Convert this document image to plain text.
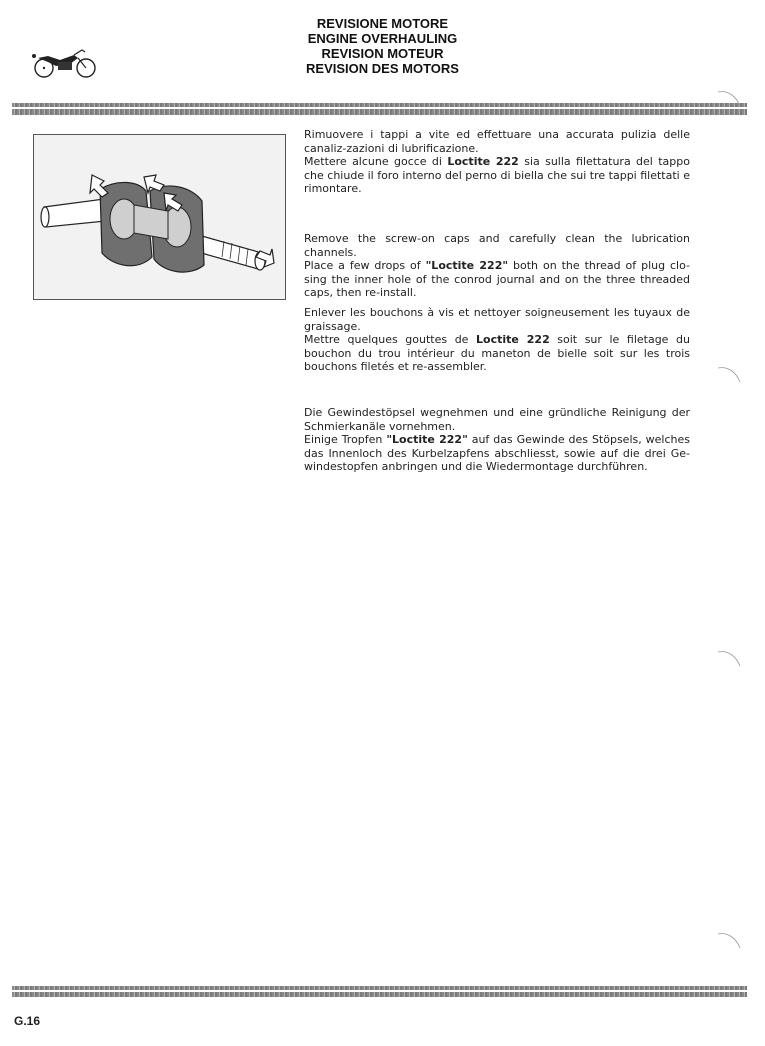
REVISIONE MOTORE
ENGINE OVERHAULING
REVISION MOTEUR
REVISION DES MOTORS

Rimuovere i tappi a vite ed effettuare una accurata pulizia delle canaliz-zazioni di lubrificazione.

Mettere alcune gocce di Loctite 222 sia sulla filettatura del tappo che chiude il foro interno del perno di biella che sui tre tappi filettati e rimontare.

Remove the screw-on caps and carefully clean the lubrication channels.

Place a few drops of "Loctite 222" both on the thread of plug clo-sing the inner hole of the conrod journal and on the three threaded caps, then re-install.

Enlever les bouchons à vis et nettoyer soigneusement les tuyaux de graissage.

Mettre quelques gouttes de Loctite 222 soit sur le filetage du bouchon du trou intérieur du maneton de bielle soit sur les trois bouchons filetés et re-assembler.

Die Gewindestöpsel wegnehmen und eine gründliche Reinigung der Schmierkanäle vornehmen.

Einige Tropfen "Loctite 222" auf das Gewinde des Stöpsels, welches das Innenloch des Kurbelzapfens abschliesst, sowie auf die drei Ge-windestopfen anbringen und die Wiedermontage durchführen.

G.16
